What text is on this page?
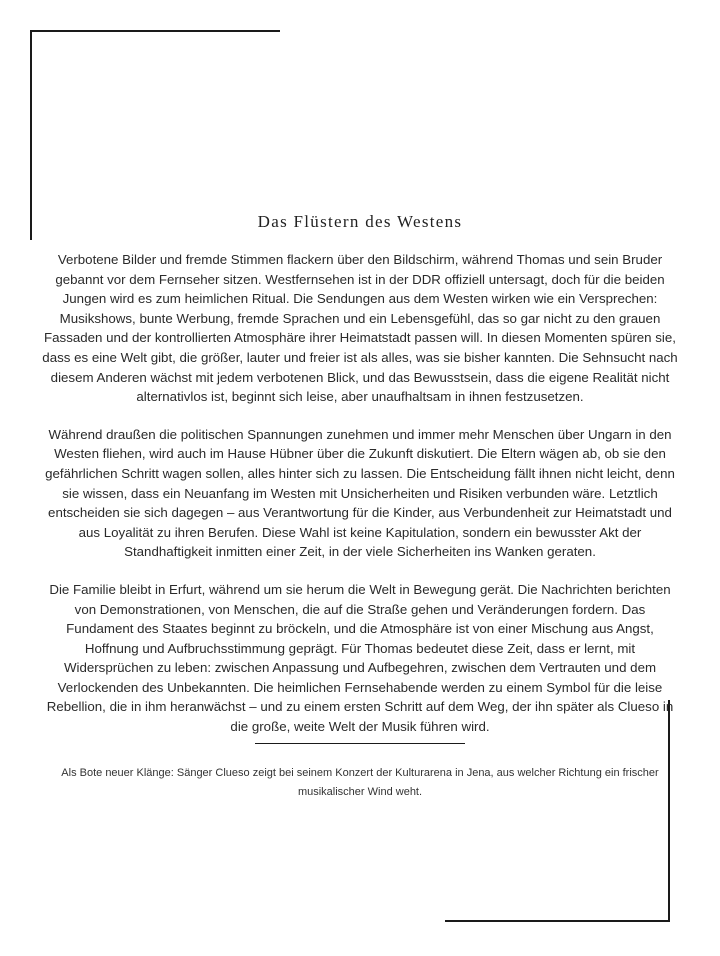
Das Flüstern des Westens

Verbotene Bilder und fremde Stimmen flackern über den Bildschirm, während Thomas und sein Bruder gebannt vor dem Fernseher sitzen. Westfernsehen ist in der DDR offiziell untersagt, doch für die beiden Jungen wird es zum heimlichen Ritual. Die Sendungen aus dem Westen wirken wie ein Versprechen: Musikshows, bunte Werbung, fremde Sprachen und ein Lebensgefühl, das so gar nicht zu den grauen Fassaden und der kontrollierten Atmosphäre ihrer Heimatstadt passen will. In diesen Momenten spüren sie, dass es eine Welt gibt, die größer, lauter und freier ist als alles, was sie bisher kannten. Die Sehnsucht nach diesem Anderen wächst mit jedem verbotenen Blick, und das Bewusstsein, dass die eigene Realität nicht alternativlos ist, beginnt sich leise, aber unaufhaltsam in ihnen festzusetzen.

Während draußen die politischen Spannungen zunehmen und immer mehr Menschen über Ungarn in den Westen fliehen, wird auch im Hause Hübner über die Zukunft diskutiert. Die Eltern wägen ab, ob sie den gefährlichen Schritt wagen sollen, alles hinter sich zu lassen. Die Entscheidung fällt ihnen nicht leicht, denn sie wissen, dass ein Neuanfang im Westen mit Unsicherheiten und Risiken verbunden wäre. Letztlich entscheiden sie sich dagegen – aus Verantwortung für die Kinder, aus Verbundenheit zur Heimatstadt und aus Loyalität zu ihren Berufen. Diese Wahl ist keine Kapitulation, sondern ein bewusster Akt der Standhaftigkeit inmitten einer Zeit, in der viele Sicherheiten ins Wanken geraten.

Die Familie bleibt in Erfurt, während um sie herum die Welt in Bewegung gerät. Die Nachrichten berichten von Demonstrationen, von Menschen, die auf die Straße gehen und Veränderungen fordern. Das Fundament des Staates beginnt zu bröckeln, und die Atmosphäre ist von einer Mischung aus Angst, Hoffnung und Aufbruchsstimmung geprägt. Für Thomas bedeutet diese Zeit, dass er lernt, mit Widersprüchen zu leben: zwischen Anpassung und Aufbegehren, zwischen dem Vertrauten und dem Verlockenden des Unbekannten. Die heimlichen Fernsehabende werden zu einem Symbol für die leise Rebellion, die in ihm heranwächst – und zu einem ersten Schritt auf dem Weg, der ihn später als Clueso in die große, weite Welt der Musik führen wird.

Als Bote neuer Klänge: Sänger Clueso zeigt bei seinem Konzert der Kulturarena in Jena, aus welcher Richtung ein frischer musikalischer Wind weht.
